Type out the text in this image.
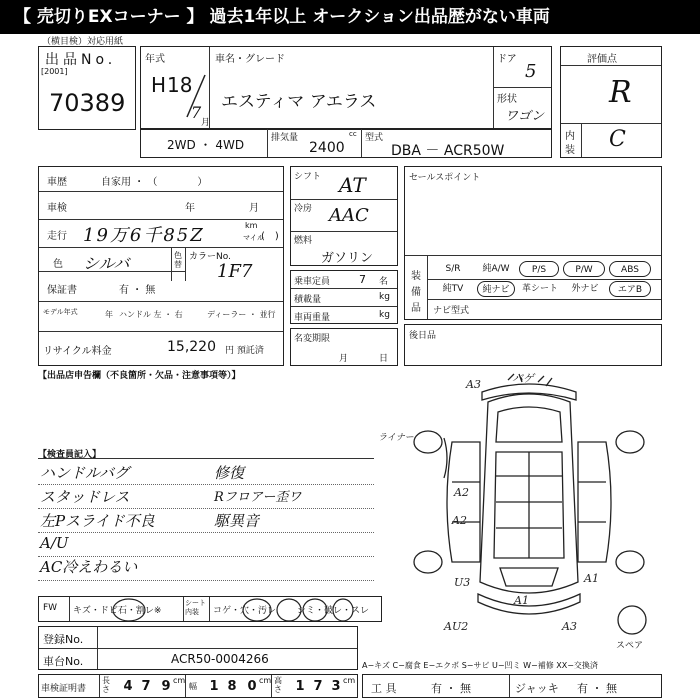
【 売切りEXコーナー 】 過去1年以上 オークション出品歴がない車両
（横目検）対応用紙
出品No.
[2001]
70389
年式
H 18
7
月
車名・グレード
エスティマ アエラス
ドア
5
形状
ワゴン
評価点
R
内
装 C
2WD ・ 4WD	排気量	cc
2400
型式
DBA － ACR50W
車歴	自家用 ・ （　　　　）
車検	年	月
走行 19万6千85Z	km
マイル
(　)
色 シルバ	色替
カラーNo.
1F7
保証書	有 ・ 無
モデル年式	年 ハンドル 左 ・ 右	ディーラー ・ 並行
リサイクル料金	15,220 円 預託済
シフト AT
冷房 AAC
燃料
ガソリン
乗車定員	7 名
積載量	kg
車両重量	kg
名変期限
月	日
セールスポイント
装
備
品
S/R	純A/W	P/S	P/W	ABS
純TV	純ナビ	革シート	外ナビ	エアB
ナビ型式
後日品
【出品店申告欄（不良箇所・欠品・注意事項等）】
【検査員記入】
ハンドルバグ	修復
スタッドレス	Rフロアー歪ワ
左Pスライド不良	駆異音
A/U
AC冷えわるい
A3	バゲ
ライナー
A2
A2
U3
A1
A1
AU2	A3
スペア
FW キズ・ドビ石・割レ※
シート内装	コゲ・穴・汚レ シミ・破レ・スレ
登録No.
車台No.	ACR50-0004266
車検証明書
長さ 4 7 9 cm
幅 1 8 0 cm 高さ 1 7 3 cm
A−キズ C−腐食 E−エクボ S−サビ U−凹ミ W−補修 XX−交換済
工 具	有 ・ 無	ジャッキ 有 ・ 無
